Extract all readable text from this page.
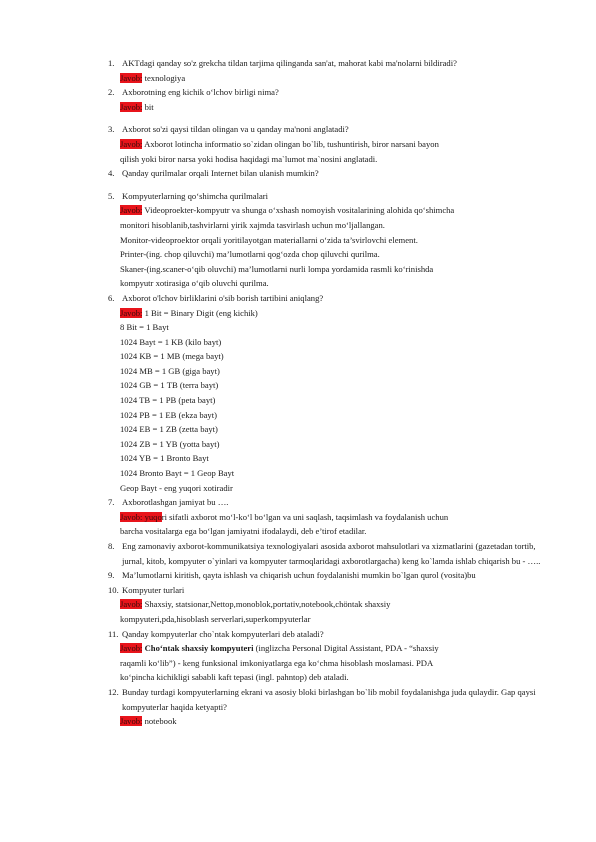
1. AKTdagi qanday so'z grekcha tildan tarjima qilinganda san'at, mahorat kabi ma'nolarni bildiradi?
Javob: texnologiya
2. Axborotning eng kichik o‘lchov birligi nima?
Javob: bit
3. Axborot so'zi qaysi tildan olingan va u qanday ma'noni anglatadi?
Javob: Axborot lotincha informatio so`zidan olingan bo`lib, tushuntirish, biror narsani bayon
qilish yoki biror narsa yoki hodisa haqidagi ma`lumot ma`nosini anglatadi.
4. Qanday qurilmalar orqali Internet bilan ulanish mumkin?
5. Kompyuterlarning qo‘shimcha qurilmalari
Javob: Videoproekter-kompyutr va shunga o‘xshash nomoyish vositalarining alohida qo‘shimcha
monitori hisoblanib,tashvirlarni yirik xajmda tasvirlash uchun mo‘ljallangan.
Monitor-videoproektor orqali yoritilayotgan materiallarni o‘zida ta’svirlovchi element.
Printer-(ing. chop qiluvchi) ma’lumotlarni qog‘ozda chop qiluvchi qurilma.
Skaner-(ing.scaner-o‘qib oluvchi) ma’lumotlarni nurli lompa yordamida rasmli ko‘rinishda
kompyutr xotirasiga o‘qib oluvchi qurilma.
6. Axborot o'lchov birliklarini o'sib borish tartibini aniqlang?
Javob: 1 Bit = Binary Digit (eng kichik)
8 Bit = 1 Bayt
1024 Bayt = 1 KB (kilo bayt)
1024 KB = 1 MB (mega bayt)
1024 MB = 1 GB (giga bayt)
1024 GB = 1 TB (terra bayt)
1024 TB = 1 PB (peta bayt)
1024 PB = 1 EB (ekza bayt)
1024 EB = 1 ZB (zetta bayt)
1024 ZB = 1 YB (yotta bayt)
1024 YB = 1 Bronto Bayt
1024 Bronto Bayt = 1 Geop Bayt
Geop Bayt - eng yuqori xotiradir
7. Axborotlashgan jamiyat bu ….
Javob: yuqori sifatli axborot mo‘l-ko‘l bo‘lgan va uni saqlash, taqsimlash va foydalanish uchun
barcha vositalarga ega bo‘lgan jamiyatni ifodalaydi, deb e’tirof etadilar.
8. Eng zamonaviy axborot-kommunikatsiya texnologiyalari asosida axborot mahsulotlari va xizmatlarini (gazetadan tortib, jurnal, kitob, kompyuter o`yinlari va kompyuter tarmoqlaridagi axborotlargacha) keng ko`lamda ishlab chiqarish bu - …..
9. Ma’lumotlarni kiritish, qayta ishlash va chiqarish uchun foydalanishi mumkin bo`lgan qurol (vosita)bu
10. Kompyuter turlari
Javob: Shaxsiy, statsionar,Nettop,monoblok,portativ,notebook,chöntak shaxsiy
kompyuteri,pda,hisoblash serverlari,superkompyuterlar
11. Qanday kompyuterlar cho`ntak kompyuterlari deb ataladi?
Javob: Cho‘ntak shaxsiy kompyuteri (inglizcha Personal Digital Assistant, PDA - “shaxsiy
raqamli ko‘lib”) - keng funksional imkoniyatlarga ega ko‘chma hisoblash moslamasi. PDA
ko‘pincha kichikligi sababli kaft tepasi (ingl. pahntop) deb ataladi.
12. Bunday turdagi kompyuterlarning ekrani va asosiy bloki birlashgan bo`lib mobil foydalanishga juda qulaydir. Gap qaysi kompyuterlar haqida ketyapti?
Javob: notebook
